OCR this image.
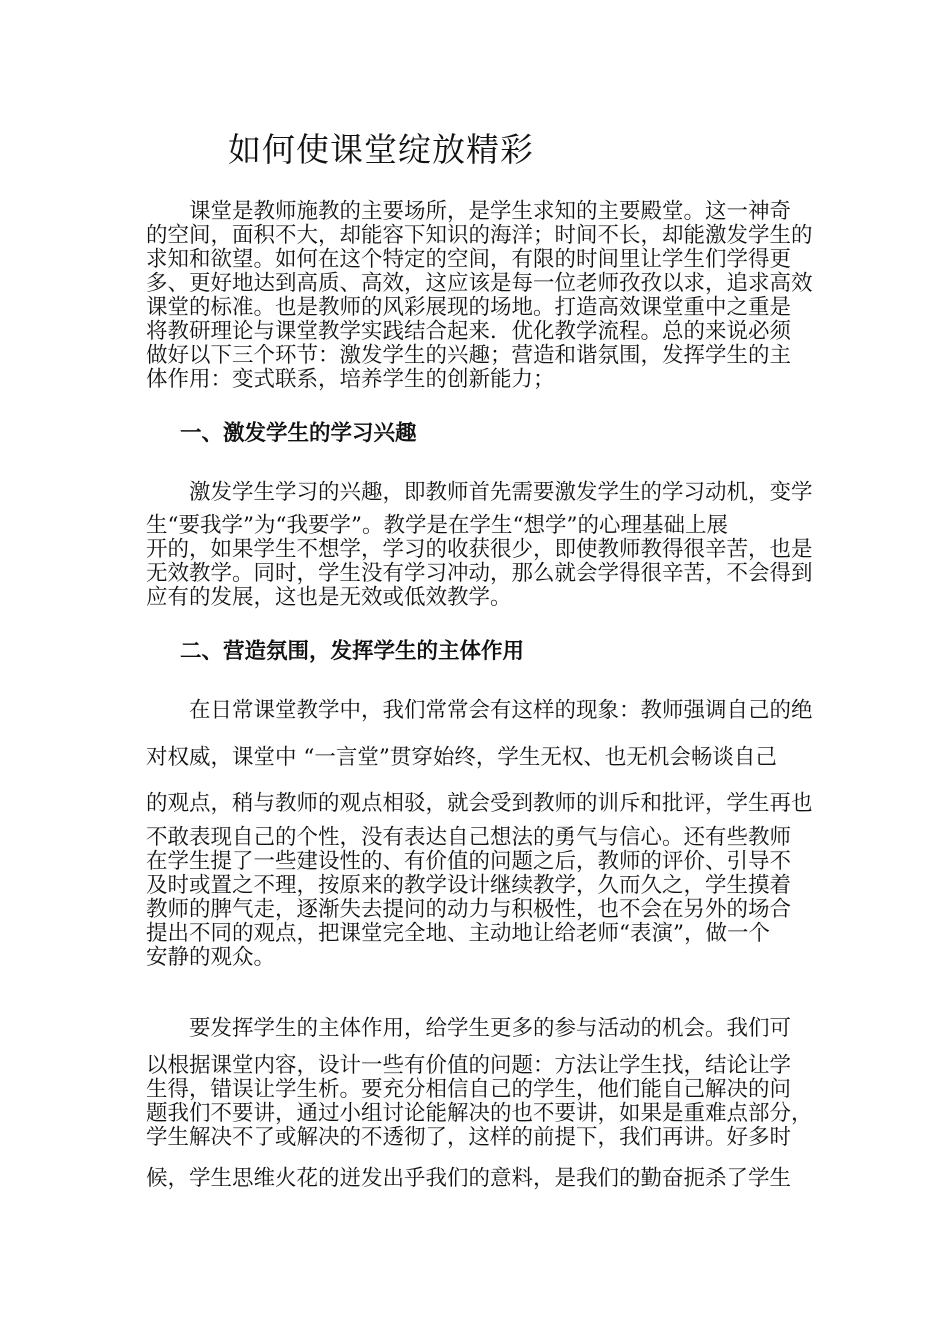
如何使课堂绽放精彩
　　课堂是教师施教的主要场所，是学生求知的主要殿堂。这一神奇
的空间，面积不大，却能容下知识的海洋；时间不长，却能激发学生的
求知和欲望。如何在这个特定的空间，有限的时间里让学生们学得更
多、更好地达到高质、高效，这应该是每一位老师孜孜以求，追求高效
课堂的标准。也是教师的风彩展现的场地。打造高效课堂重中之重是
将教研理论与课堂教学实践结合起来．优化教学流程。总的来说必须
做好以下三个环节：激发学生的兴趣；营造和谐氛围，发挥学生的主
体作用：变式联系，培养学生的创新能力；
一、激发学生的学习兴趣
　　激发学生学习的兴趣，即教师首先需要激发学生的学习动机，变学
生“要我学”为“我要学”。教学是在学生“想学”的心理基础上展
开的，如果学生不想学，学习的收获很少，即使教师教得很辛苦，也是
无效教学。同时，学生没有学习冲动，那么就会学得很辛苦，不会得到
应有的发展，这也是无效或低效教学。
二、营造氛围，发挥学生的主体作用
　　在日常课堂教学中，我们常常会有这样的现象：教师强调自己的绝
对权威，课堂中 “一言堂”贯穿始终，学生无权、也无机会畅谈自己
的观点，稍与教师的观点相驳，就会受到教师的训斥和批评，学生再也
不敢表现自己的个性，没有表达自己想法的勇气与信心。还有些教师
在学生提了一些建设性的、有价值的问题之后，教师的评价、引导不
及时或置之不理，按原来的教学设计继续教学，久而久之，学生摸着
教师的脾气走，逐渐失去提问的动力与积极性，也不会在另外的场合
提出不同的观点，把课堂完全地、主动地让给老师“表演”，做一个
安静的观众。
　　要发挥学生的主体作用，给学生更多的参与活动的机会。我们可
以根据课堂内容，设计一些有价值的问题：方法让学生找，结论让学
生得，错误让学生析。要充分相信自己的学生，他们能自己解决的问
题我们不要讲，通过小组讨论能解决的也不要讲，如果是重难点部分，
学生解决不了或解决的不透彻了，这样的前提下，我们再讲。好多时
候，学生思维火花的迸发出乎我们的意料，是我们的勤奋扼杀了学生
